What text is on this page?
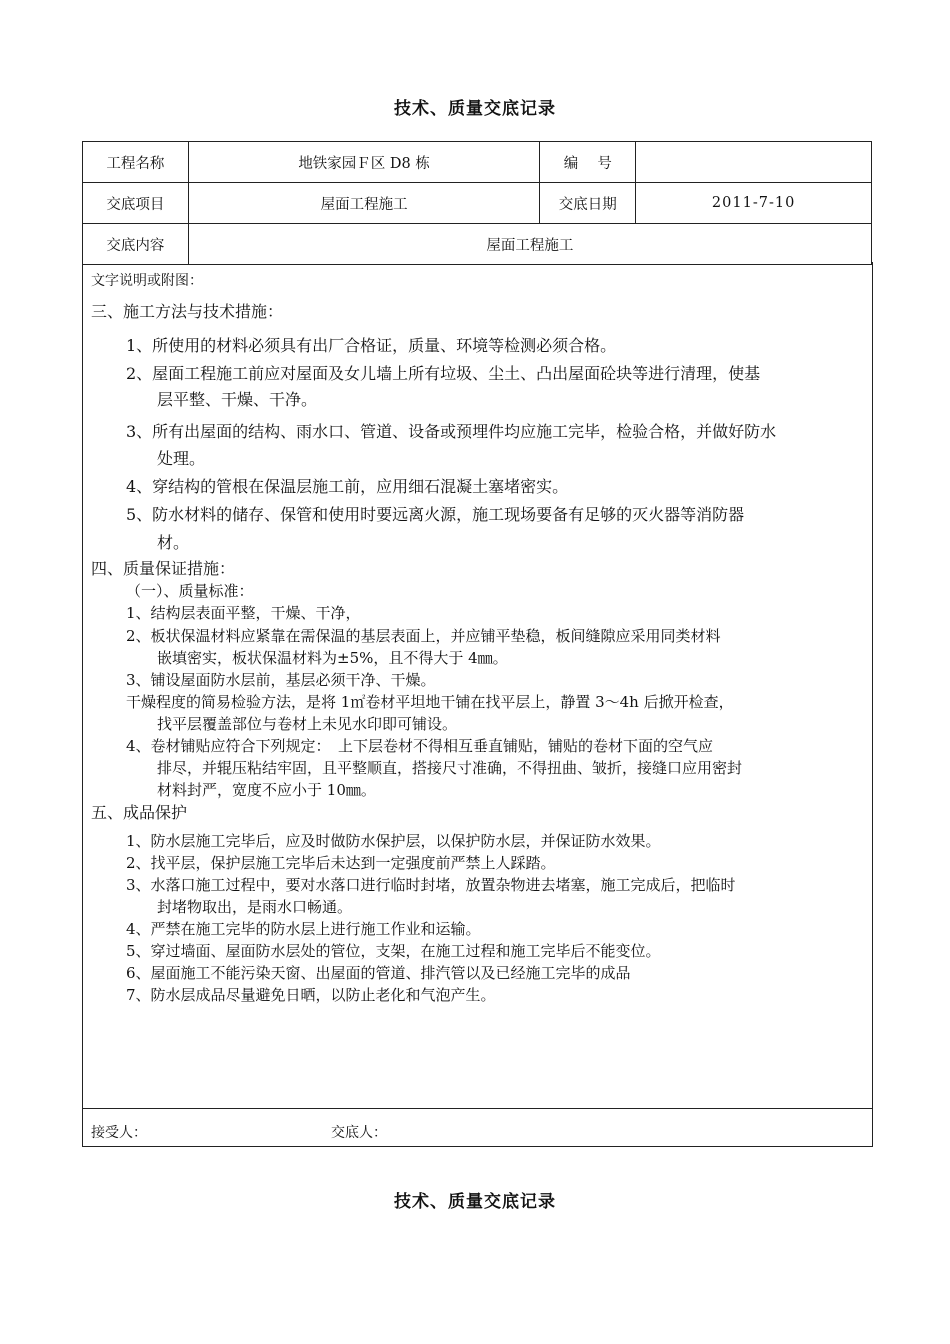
技术、质量交底记录
工程名称	地铁家园Ｆ区 D8 栋	编　 号	
交底项目	屋面工程施工	交底日期	2011-7-10
交底内容	屋面工程施工		
文字说明或附图：
三、施工方法与技术措施：
1、所使用的材料必须具有出厂合格证，质量、环境等检测必须合格。
2、屋面工程施工前应对屋面及女儿墙上所有垃圾、尘土、凸出屋面砼块等进行清理，使基
层平整、干燥、干净。
3、所有出屋面的结构、雨水口、管道、设备或预埋件均应施工完毕，检验合格，并做好防水
处理。
4、穿结构的管根在保温层施工前，应用细石混凝土塞堵密实。
5、防水材料的储存、保管和使用时要远离火源，施工现场要备有足够的灭火器等消防器
材。
四、质量保证措施：
（一）、质量标准：
1、结构层表面平整，干燥、干净，
2、板状保温材料应紧靠在需保温的基层表面上，并应铺平垫稳，板间缝隙应采用同类材料
嵌填密实，板状保温材料为±5%，且不得大于 4㎜。
3、铺设屋面防水层前，基层必须干净、干燥。
干燥程度的简易检验方法，是将 1㎡卷材平坦地干铺在找平层上，静置 3～4h 后掀开检查，
找平层覆盖部位与卷材上未见水印即可铺设。
4、卷材铺贴应符合下列规定：　上下层卷材不得相互垂直铺贴，铺贴的卷材下面的空气应
排尽，并辊压粘结牢固，且平整顺直，搭接尺寸准确，不得扭曲、皱折，接缝口应用密封
材料封严，宽度不应小于 10㎜。
五、成品保护
1、防水层施工完毕后，应及时做防水保护层，以保护防水层，并保证防水效果。
2、找平层，保护层施工完毕后未达到一定强度前严禁上人踩踏。
3、水落口施工过程中，要对水落口进行临时封堵，放置杂物进去堵塞，施工完成后，把临时
封堵物取出，是雨水口畅通。
4、严禁在施工完毕的防水层上进行施工作业和运输。
5、穿过墙面、屋面防水层处的管位，支架，在施工过程和施工完毕后不能变位。
6、屋面施工不能污染天窗、出屋面的管道、排汽管以及已经施工完毕的成品
7、防水层成品尽量避免日晒，以防止老化和气泡产生。
接受人：	交底人：
技术、质量交底记录
